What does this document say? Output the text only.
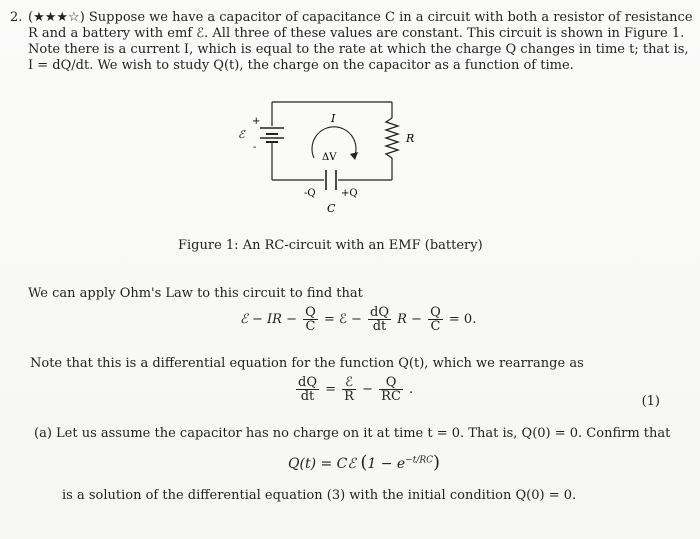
2. (★★★☆) Suppose we have a capacitor of capacitance C in a circuit with both a resistor of resistance
R and a battery with emf ℰ. All three of these values are constant. This circuit is shown in Figure 1.
Note there is a current I, which is equal to the rate at which the charge Q changes in time t; that is,
I = dQ/dt. We wish to study Q(t), the charge on the capacitor as a function of time.
+
ℰ
-
I
ΔV
R
-Q	+Q
C
Figure 1: An RC-circuit with an EMF (battery)
We can apply Ohm's Law to this circuit to find that
ℰ − IR − $\frac{Q}{C}$ = ℰ − $\frac{dQ}{dt}$ $R - \frac{Q}{C} = 0$.
Note that this is a differential equation for the function Q(t), which we rearrange as
$\frac{dQ}{dt} = \frac{\text{ℰ}}{R} - \frac{Q}{RC}$ .
(1)
(a) Let us assume the capacitor has no charge on it at time t = 0. That is, Q(0) = 0. Confirm that
Q(t) = Cℰ $(1 - e^{-t/RC})$
is a solution of the differential equation (3) with the initial condition Q(0) = 0.
